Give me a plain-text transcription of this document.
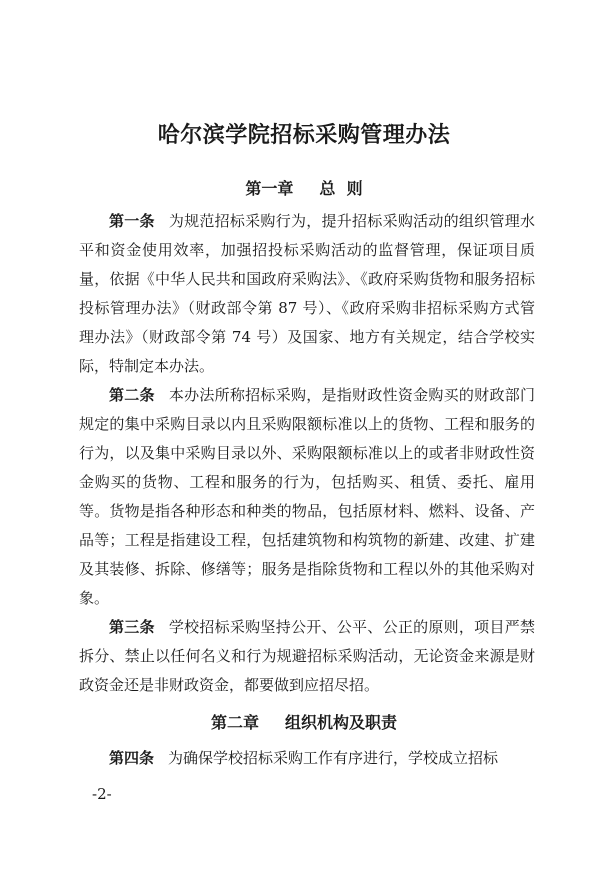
哈尔滨学院招标采购管理办法
第一章 总  则

第一条 为规范招标采购行为，提升招标采购活动的组织管理水平和资金使用效率，加强招投标采购活动的监督管理，保证项目质量，依据《中华人民共和国政府采购法》、《政府采购货物和服务招标投标管理办法》（财政部令第 87 号）、《政府采购非招标采购方式管理办法》（财政部令第 74 号）及国家、地方有关规定，结合学校实际，特制定本办法。

第二条 本办法所称招标采购，是指财政性资金购买的财政部门规定的集中采购目录以内且采购限额标准以上的货物、工程和服务的行为，以及集中采购目录以外、采购限额标准以上的或者非财政性资金购买的货物、工程和服务的行为，包括购买、租赁、委托、雇用等。货物是指各种形态和种类的物品，包括原材料、燃料、设备、产品等；工程是指建设工程，包括建筑物和构筑物的新建、改建、扩建及其装修、拆除、修缮等；服务是指除货物和工程以外的其他采购对象。

第三条 学校招标采购坚持公开、公平、公正的原则，项目严禁拆分、禁止以任何名义和行为规避招标采购活动，无论资金来源是财政资金还是非财政资金，都要做到应招尽招。

第二章 组织机构及职责

第四条 为确保学校招标采购工作有序进行，学校成立招标

-2-
